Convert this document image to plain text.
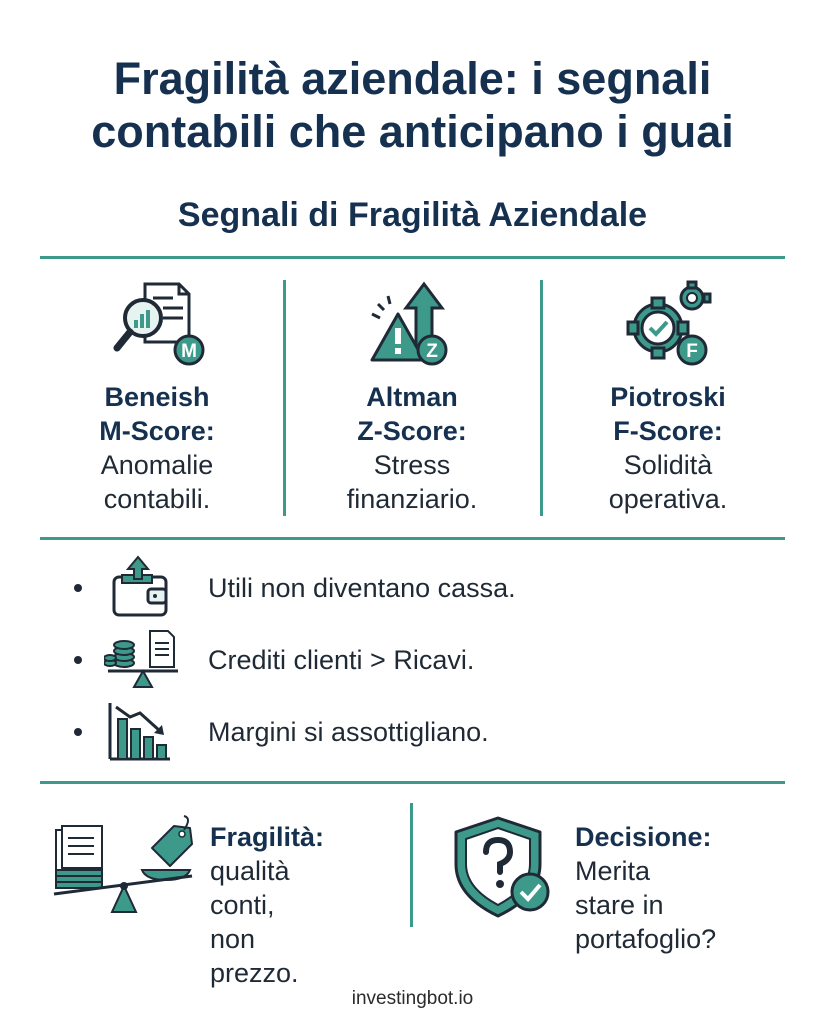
Fragilità aziendale: i segnali
contabili che anticipano i guai
Segnali di Fragilità Aziendale
M
Beneish
M-Score:
Anomalie
contabili.
Z
Altman
Z-Score:
Stress
finanziario.
F
Piotroski
F-Score:
Solidità
operativa.
Utili non diventano cassa.
Crediti clienti > Ricavi.
Margini si assottigliano.
Fragilità:
qualità conti,
non prezzo.
Decisione:
Merita stare in
portafoglio?
investingbot.io
